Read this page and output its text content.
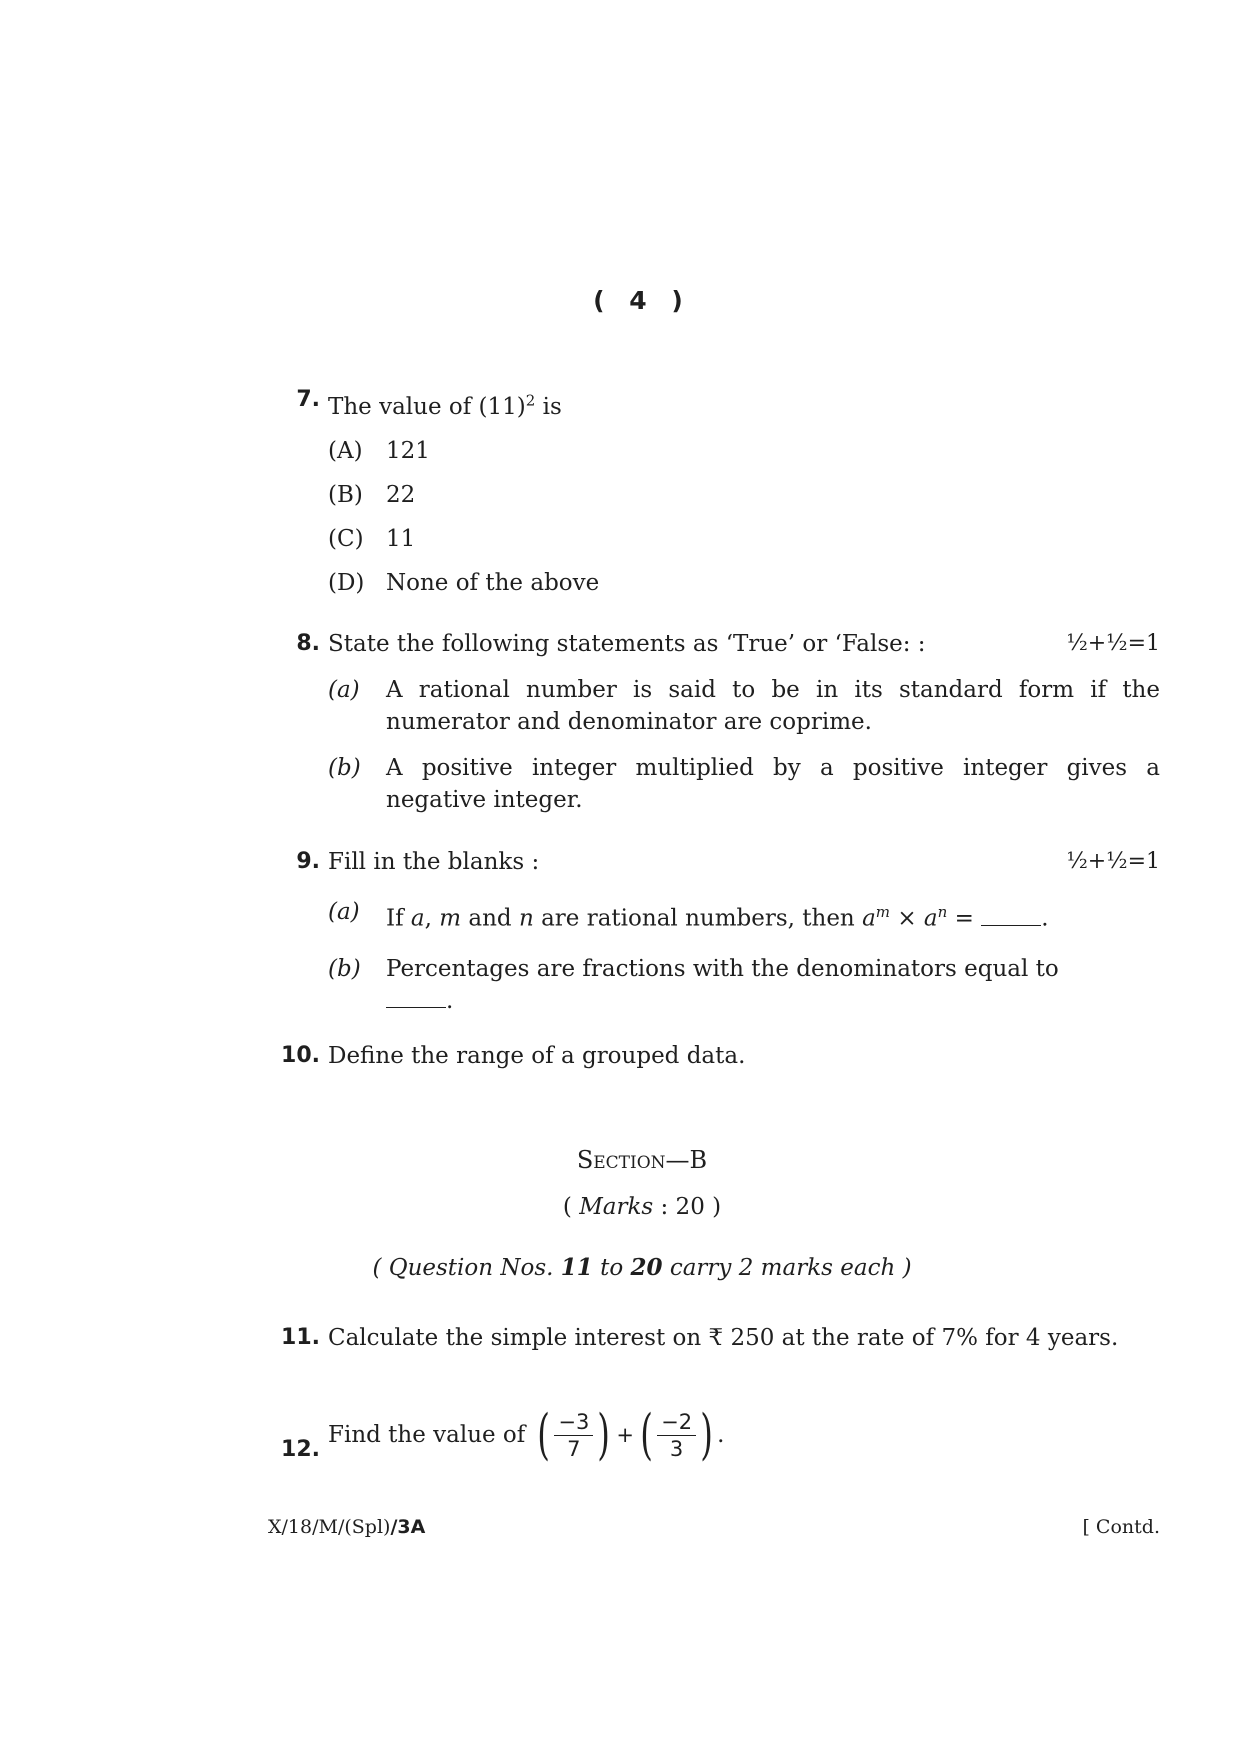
( 4 )
7. The value of $(11)^2$ is
(A)	121
(B)	22
(C) 11
(D) None of the above
8. State the following statements as ‘True’ or ‘False: :	½+½=1
(a)	A rational number is said to be in its standard form if the numerator and denominator are coprime.
(b)	A positive integer multiplied by a positive integer gives a negative integer.
9. Fill in the blanks :	½+½=1
(a)	If a, m and n are rational numbers, then $a^m \times a^n$ =	.
(b)	Percentages are fractions with the denominators equal to
.
10. Define the range of a grouped data.
Section—B
( Marks : 20 )
( Question Nos. 11 to 20 carry 2 marks each )
11. Calculate the simple interest on ₹ 250 at the rate of 7% for 4 years.
12.
Find the value of ( $\frac{-3}{7}$ ) + ( $\frac{-2}{3}$ ) .
X/18/M/(Spl)/3A	[ Contd.
